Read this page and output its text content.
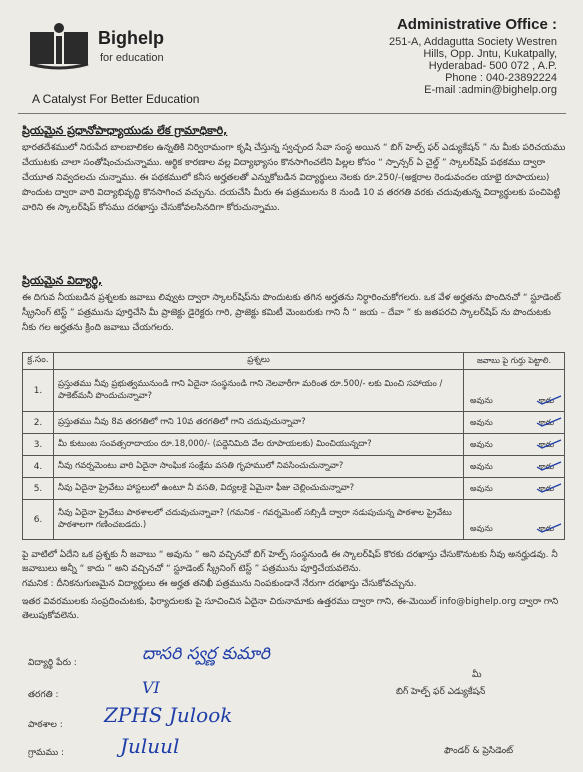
Bighelp
for education
A Catalyst For Better Education
Administrative Office :
251-A, Addagutta Society Westren
Hills, Opp. Jntu, Kukatpally,
Hyderabad- 500 072 , A.P.
Phone : 040-23892224
E-mail :admin@bighelp.org
ప్రియమైన ప్రధానోపాధ్యాయుడు లేక గ్రామాధికారి,
భారతదేశములో నిరుపేద బాలబాలికల ఉన్నతికి నిర్విరామంగా కృషి చేస్తున్న స్వచ్ఛంద సేవా సంస్థ అయిన “ బిగ్ హెల్ప్ ఫర్ ఎడ్యుకేషన్ ” ను మీకు పరిచయము చేయుటకు చాలా సంతోషించుచున్నాము. ఆర్థిక కారణాల వల్ల విద్యాభ్యాసం కొనసాగించలేని పిల్లల కోసం “ స్పాన్సర్ ఏ చైల్డ్ ” స్కాలర్‌షిప్ పథకము ద్వారా చేయూత నివ్వదలచు చున్నాము. ఈ పథకములో కనీస అర్హతలతో ఎన్నుకోబడిన విద్యార్థులు నెలకు రూ.250/-(అక్షరాల రెండువందల యాభై రూపాయలు) పొందుట ద్వారా వారి విద్యాభివృద్ధి కొనసాగించ వచ్చును. దయచేసి మీరు ఈ పత్రములను 8 నుండి 10 వ తరగతి వరకు చదువుతున్న విద్యార్థులకు పంచిపెట్టి వారిని ఈ స్కాలర్‌షిప్ కోసము దరఖాస్తు చేసుకోవలసినదిగా కోరుచున్నాము.
ప్రియమైన విద్యార్థి,
ఈ దిగువ నీయబడిన ప్రశ్నలకు జవాబు లివ్వుట ద్వారా స్కాలర్‌షిప్‌ను పొందుటకు తగిన అర్హతను నిర్ధారించుకోగలరు. ఒక వేళ అర్హతను పొందినచో “ స్టూడెంట్ స్క్రీనింగ్ టెస్ట్ ” పత్రమును పూర్తిచేసి మీ ప్రాజెక్టు డైరెక్టరు గారి, ప్రాజెక్టు కమిటీ మెంబరుకు గాని నీ “ జయ – దేవా ” కు జతపరచి స్కాలర్‌షిప్ ను పొందుటకు నీకు గల అర్హతను క్రింది జవాబు చేయగలరు.
క్ర.సం.	ప్రశ్నలు	జవాబు పై గుర్తు పెట్టాలి.
1.	ప్రస్తుతము నీవు ప్రభుత్వమునుండి గాని ఏదైనా సంస్థనుండి గాని నెలవారీగా మరింత రూ.500/- లకు మించి సహాయం / పాకెట్‌మనీ పొందుచున్నావా?	అవును కాదు

2.	ప్రస్తుతము నీవు 8వ తరగతిలో గాని 10వ తరగతిలో గాని చదువుచున్నావా?	అవును కాదు

3.	మీ కుటుంబ సంవత్సరాదాయం రూ.18,000/- (పద్దెనిమిది వేల రూపాయలకు) మించియున్నదా?	అవును కాదు

4.	నీవు గవర్నమెంటు వారి ఏదైనా సాంఘిక సంక్షేమ వసతి గృహములో నివసించుచున్నావా?	అవును కాదు

5.	నీవు ఏదైనా ప్రైవేటు హాస్టలులో ఉంటూ నీ వసతి, విద్యలకై ఏమైనా ఫీజు చెల్లించుచున్నావా?	అవును కాదు

6.	నీవు ఏదైనా ప్రైవేటు పాఠశాలలో చదువుచున్నావా? (గమనిక - గవర్నమెంట్ సబ్సిడీ ద్వారా నడుపుచున్న పాఠశాల ప్రైవేటు పాఠశాలగా గణించబడదు.)	అవును కాదు
పై వాటిలో ఏదేని ఒక ప్రశ్నకు నీ జవాబు “ అవును ” అని వచ్చినచో బిగ్ హెల్ప్ సంస్థనుండి ఈ స్కాలర్‌షిప్ కొరకు దరఖాస్తు చేసుకొనుటకు నీవు అనర్హుడవు. నీ జవాబులు అన్నీ “ కాదు ” అని వచ్చినచో “ స్టూడెంట్ స్క్రీనింగ్ టెస్ట్ ” పత్రమును పూర్తిచేయవలెను.
గమనిక : దీనికనుగుణమైన విద్యార్థులు ఈ అర్హత తనిఖీ పత్రమును నింపకుండానే నేరుగా దరఖాస్తు చేసుకోవచ్చును.
ఇతర వివరములకు సంప్రదించుటకు, ఫిర్యాదులకు పై సూచించిన ఏదైనా చిరునామాకు ఉత్తరము ద్వారా గాని, ఈ-మెయిల్ info@bighelp.org ద్వారా గాని తెలుపుకోవలెను.
విద్యార్థి పేరు :	దాసరి స్వర్ణ కుమారి
తరగతి :	VI
పాఠశాల : ZPHS Julook
గ్రామము :	Juluul
మీ
బిగ్ హెల్ప్ ఫర్ ఎడ్యుకేషన్
ఫౌండర్ & ప్రెసిడెంట్
